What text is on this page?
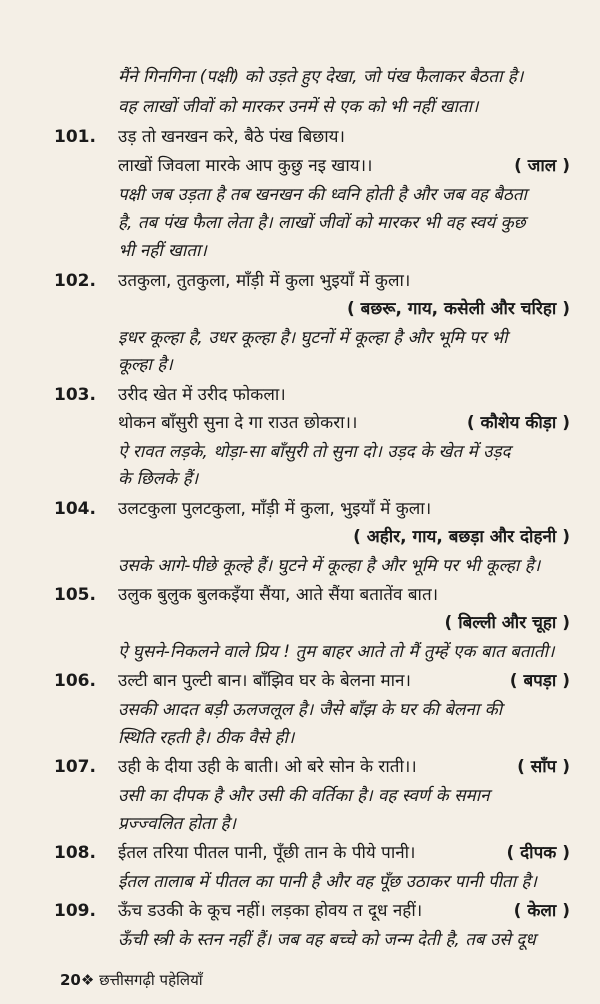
मैंने गिनगिना (पक्षी) को उड़ते हुए देखा, जो पंख फैलाकर बैठता है।
वह लाखों जीवों को मारकर उनमें से एक को भी नहीं खाता।
101. उड़ तो खनखन करे, बैठे पंख बिछाय।
लाखों जिवला मारके आप कुछु नइ खाय।।	( जाल )
पक्षी जब उड़ता है तब खनखन की ध्वनि होती है और जब वह बैठता
है, तब पंख फैला लेता है। लाखों जीवों को मारकर भी वह स्वयं कुछ
भी नहीं खाता।
102. उतकुला, तुतकुला, माँड़ी में कुला भुइयाँ में कुला।
( बछरू, गाय, कसेली और चरिहा )
इधर कूल्हा है, उधर कूल्हा है। घुटनों में कूल्हा है और भूमि पर भी
कूल्हा है।
103. उरीद खेत में उरीद फोकला।
थोकन बाँसुरी सुना दे गा राउत छोकरा।।	( कौशेय कीड़ा )
ऐ रावत लड़के, थोड़ा-सा बाँसुरी तो सुना दो। उड़द के खेत में उड़द
के छिलके हैं।
104. उलटकुला पुलटकुला, माँड़ी में कुला, भुइयाँ में कुला।
( अहीर, गाय, बछड़ा और दोहनी )
उसके आगे-पीछे कूल्हे हैं। घुटने में कूल्हा है और भूमि पर भी कूल्हा है।
105. उलुक बुलुक बुलकइँया सैंया, आते सैंया बतातेंव बात।
( बिल्ली और चूहा )
ऐ घुसने-निकलने वाले प्रिय ! तुम बाहर आते तो मैं तुम्हें एक बात बताती।
106. उल्टी बान पुल्टी बान। बाँझिव घर के बेलना मान।	( बपड़ा )
उसकी आदत बड़ी ऊलजलूल है। जैसे बाँझ के घर की बेलना की
स्थिति रहती है। ठीक वैसे ही।
107. उही के दीया उही के बाती। ओ बरे सोन के राती।।	( साँप )
उसी का दीपक है और उसी की वर्तिका है। वह स्वर्ण के समान
प्रज्ज्वलित होता है।
108. ईतल तरिया पीतल पानी, पूँछी तान के पीये पानी।	( दीपक )
ईतल तालाब में पीतल का पानी है और वह पूँछ उठाकर पानी पीता है।
109. ऊँच डउकी के कूच नहीं। लड़का होवय त दूध नहीं।	( केला )
ऊँची स्त्री के स्तन नहीं हैं। जब वह बच्चे को जन्म देती है, तब उसे दूध
20❖ छत्तीसगढ़ी पहेलियाँ
